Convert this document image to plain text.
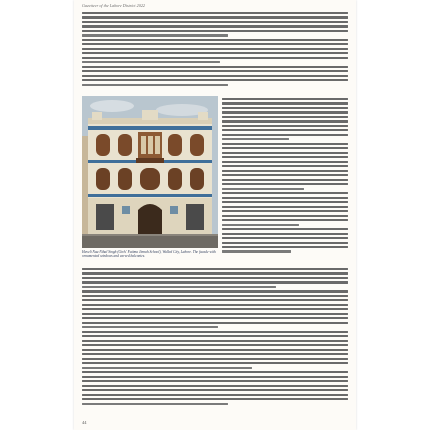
Gazetteer of the Lahore District 2022
Haveli Nau Nihal Singh (Girls' Fatima Jinnah School), Walled City, Lahore. The facade with ornamented windows and carved balconies.
44
